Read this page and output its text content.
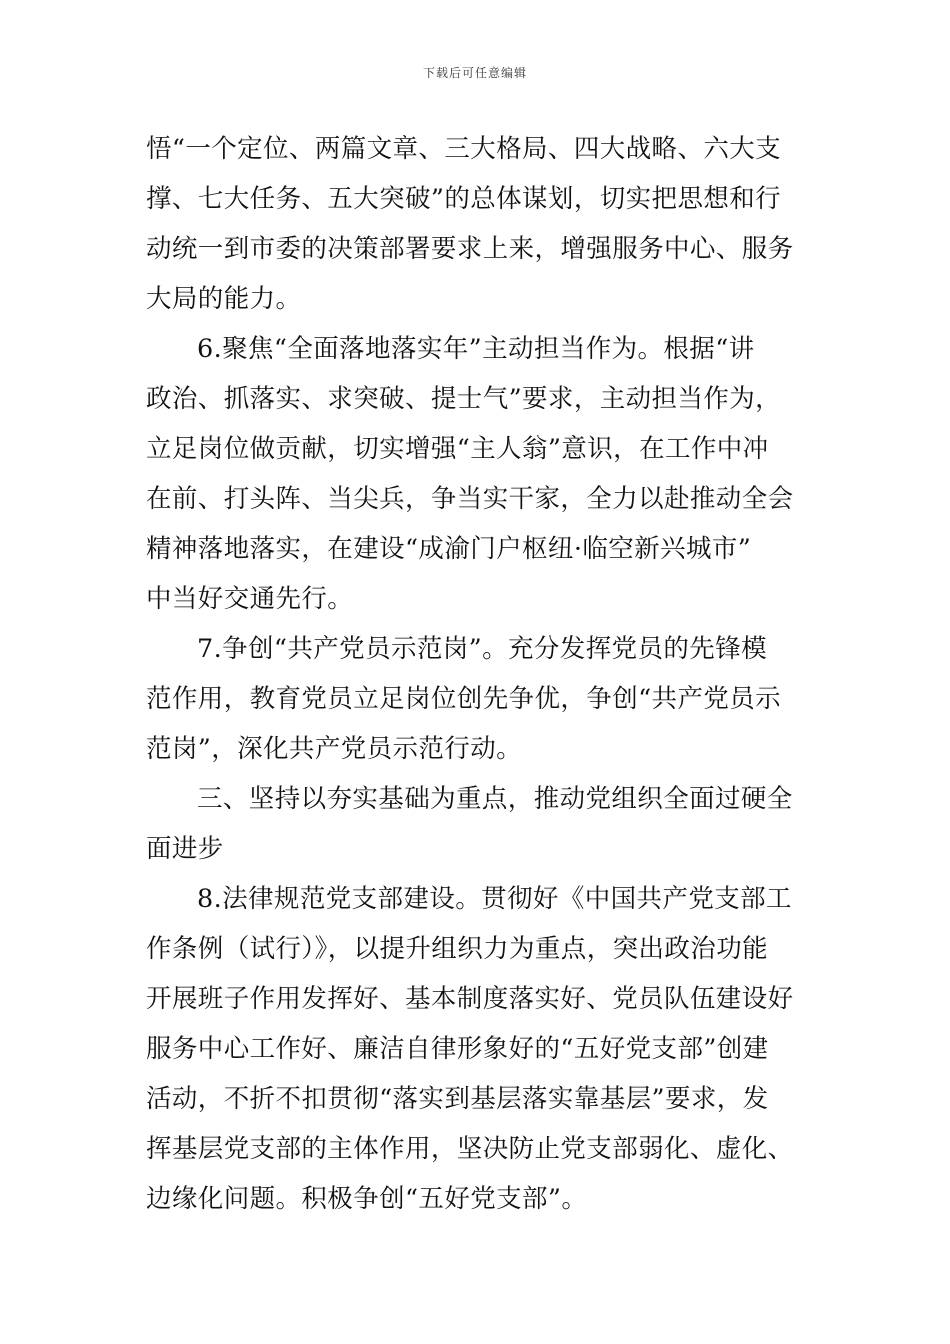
下载后可任意编辑
悟“一个定位、两篇文章、三大格局、四大战略、六大支
撑、七大任务、五大突破”的总体谋划，切实把思想和行
动统一到市委的决策部署要求上来，增强服务中心、服务
大局的能力。
6.聚焦“全面落地落实年”主动担当作为。根据“讲
政治、抓落实、求突破、提士气”要求，主动担当作为，
立足岗位做贡献，切实增强“主人翁”意识，在工作中冲
在前、打头阵、当尖兵，争当实干家，全力以赴推动全会
精神落地落实，在建设“成渝门户枢纽·临空新兴城市”
中当好交通先行。
7.争创“共产党员示范岗”。充分发挥党员的先锋模
范作用，教育党员立足岗位创先争优，争创“共产党员示
范岗”，深化共产党员示范行动。
三、坚持以夯实基础为重点，推动党组织全面过硬全
面进步
8.法律规范党支部建设。贯彻好《中国共产党支部工
作条例（试行）》，以提升组织力为重点，突出政治功能
开展班子作用发挥好、基本制度落实好、党员队伍建设好
服务中心工作好、廉洁自律形象好的“五好党支部”创建
活动，不折不扣贯彻“落实到基层落实靠基层”要求，发
挥基层党支部的主体作用，坚决防止党支部弱化、虚化、
边缘化问题。积极争创“五好党支部”。
